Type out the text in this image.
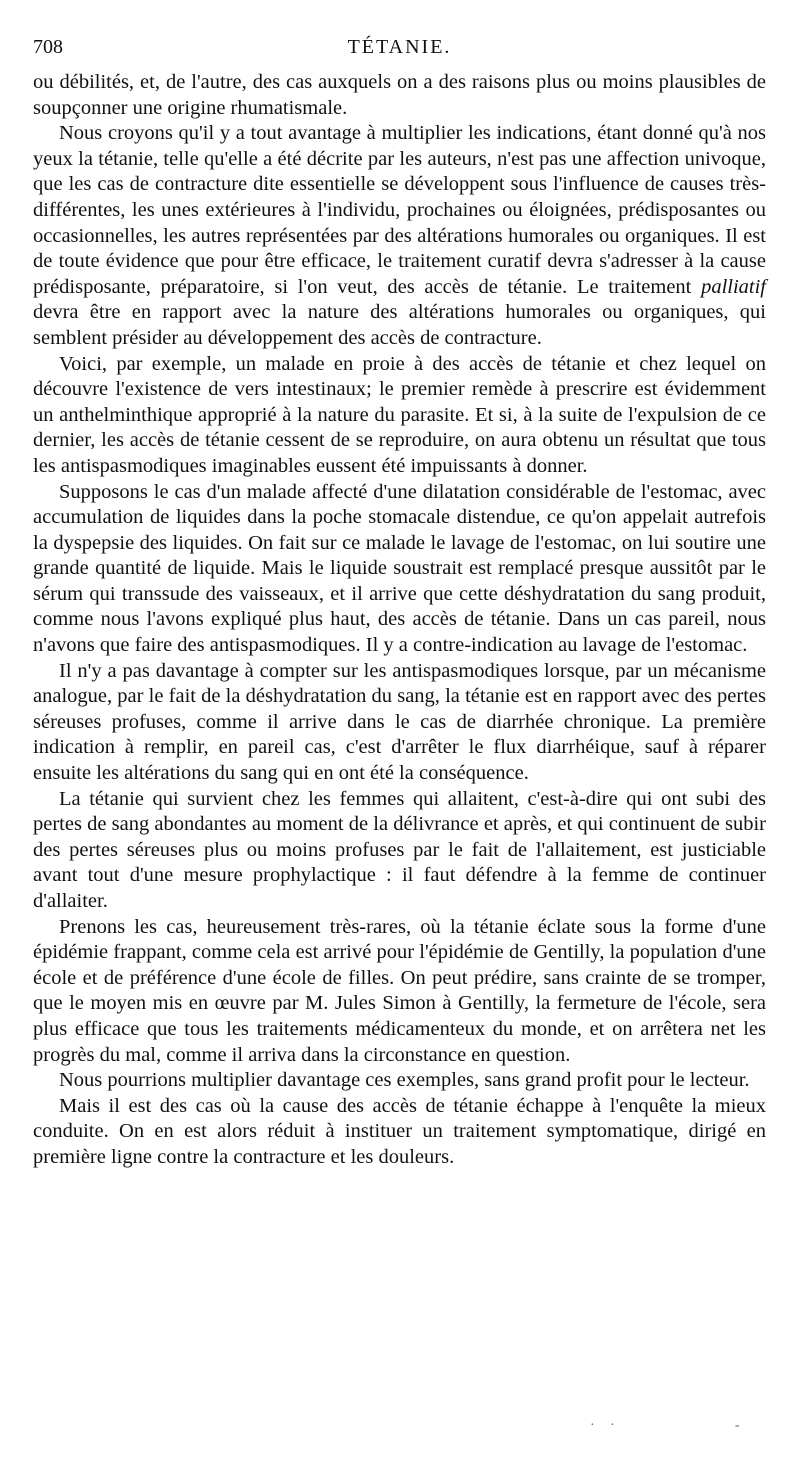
708	TÉTANIE.

ou débilités, et, de l'autre, des cas auxquels on a des raisons plus ou moins plausibles de soupçonner une origine rhumatismale.

Nous croyons qu'il y a tout avantage à multiplier les indications, étant donné qu'à nos yeux la tétanie, telle qu'elle a été décrite par les auteurs, n'est pas une affection univoque, que les cas de contracture dite essentielle se développent sous l'influence de causes très-différentes, les unes extérieures à l'individu, prochaines ou éloignées, prédisposantes ou occasionnelles, les autres représentées par des altérations humorales ou organiques. Il est de toute évidence que pour être efficace, le traitement curatif devra s'adresser à la cause prédisposante, préparatoire, si l'on veut, des accès de tétanie. Le traitement palliatif devra être en rapport avec la nature des altérations humorales ou organiques, qui semblent présider au développement des accès de contracture.

Voici, par exemple, un malade en proie à des accès de tétanie et chez lequel on découvre l'existence de vers intestinaux; le premier remède à prescrire est évidemment un anthelminthique approprié à la nature du parasite. Et si, à la suite de l'expulsion de ce dernier, les accès de tétanie cessent de se reproduire, on aura obtenu un résultat que tous les antispasmodiques imaginables eussent été impuissants à donner.

Supposons le cas d'un malade affecté d'une dilatation considérable de l'estomac, avec accumulation de liquides dans la poche stomacale distendue, ce qu'on appelait autrefois la dyspepsie des liquides. On fait sur ce malade le lavage de l'estomac, on lui soutire une grande quantité de liquide. Mais le liquide soustrait est remplacé presque aussitôt par le sérum qui transsude des vaisseaux, et il arrive que cette déshydratation du sang produit, comme nous l'avons expliqué plus haut, des accès de tétanie. Dans un cas pareil, nous n'avons que faire des antispasmodiques. Il y a contre-indication au lavage de l'estomac.

Il n'y a pas davantage à compter sur les antispasmodiques lorsque, par un mécanisme analogue, par le fait de la déshydratation du sang, la tétanie est en rapport avec des pertes séreuses profuses, comme il arrive dans le cas de diarrhée chronique. La première indication à remplir, en pareil cas, c'est d'arrêter le flux diarrhéique, sauf à réparer ensuite les altérations du sang qui en ont été la conséquence.

La tétanie qui survient chez les femmes qui allaitent, c'est-à-dire qui ont subi des pertes de sang abondantes au moment de la délivrance et après, et qui continuent de subir des pertes séreuses plus ou moins profuses par le fait de l'allaitement, est justiciable avant tout d'une mesure prophylactique : il faut défendre à la femme de continuer d'allaiter.

Prenons les cas, heureusement très-rares, où la tétanie éclate sous la forme d'une épidémie frappant, comme cela est arrivé pour l'épidémie de Gentilly, la population d'une école et de préférence d'une école de filles. On peut prédire, sans crainte de se tromper, que le moyen mis en œuvre par M. Jules Simon à Gentilly, la fermeture de l'école, sera plus efficace que tous les traitements médicamenteux du monde, et on arrêtera net les progrès du mal, comme il arriva dans la circonstance en question.

Nous pourrions multiplier davantage ces exemples, sans grand profit pour le lecteur.

Mais il est des cas où la cause des accès de tétanie échappe à l'enquête la mieux conduite. On en est alors réduit à instituer un traitement symptomatique, dirigé en première ligne contre la contracture et les douleurs.

· ·            -
